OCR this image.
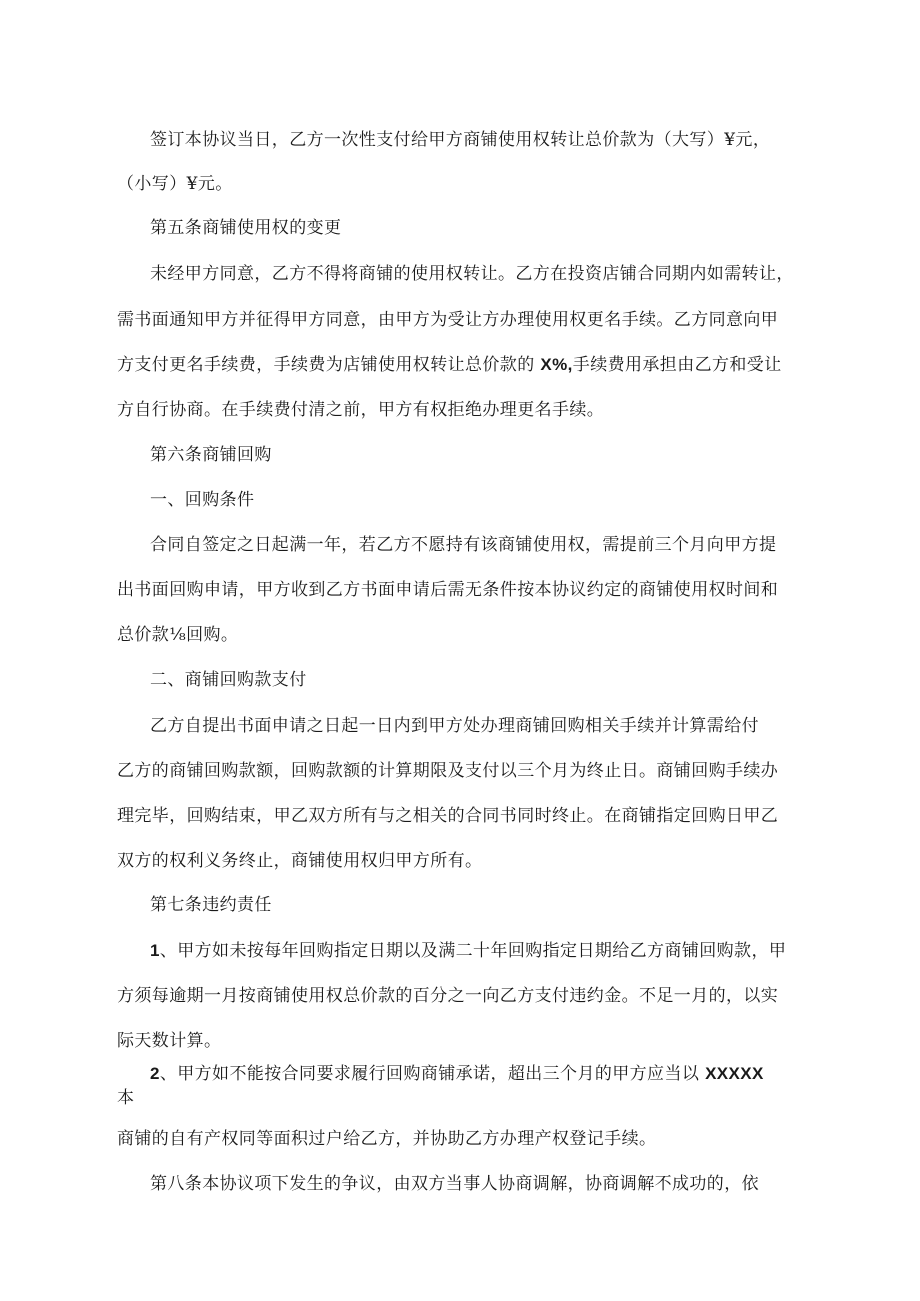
签订本协议当日，乙方一次性支付给甲方商铺使用权转让总价款为（大写）¥元，
（小写）¥元。
第五条商铺使用权的变更
未经甲方同意，乙方不得将商铺的使用权转让。乙方在投资店铺合同期内如需转让，
需书面通知甲方并征得甲方同意，由甲方为受让方办理使用权更名手续。乙方同意向甲
方支付更名手续费，手续费为店铺使用权转让总价款的 X%,手续费用承担由乙方和受让
方自行协商。在手续费付清之前，甲方有权拒绝办理更名手续。
第六条商铺回购
一、回购条件
合同自签定之日起满一年，若乙方不愿持有该商铺使用权，需提前三个月向甲方提
出书面回购申请，甲方收到乙方书面申请后需无条件按本协议约定的商铺使用权时间和
总价款⅛回购。
二、商铺回购款支付
乙方自提出书面申请之日起一日内到甲方处办理商铺回购相关手续并计算需给付
乙方的商铺回购款额，回购款额的计算期限及支付以三个月为终止日。商铺回购手续办
理完毕，回购结束，甲乙双方所有与之相关的合同书同时终止。在商铺指定回购日甲乙
双方的权利义务终止，商铺使用权归甲方所有。
第七条违约责任
1、甲方如未按每年回购指定日期以及满二十年回购指定日期给乙方商铺回购款，甲
方须每逾期一月按商铺使用权总价款的百分之一向乙方支付违约金。不足一月的，以实
际天数计算。
2、甲方如不能按合同要求履行回购商铺承诺，超出三个月的甲方应当以 XXXXX
本
商铺的自有产权同等面积过户给乙方，并协助乙方办理产权登记手续。
第八条本协议项下发生的争议，由双方当事人协商调解，协商调解不成功的，依
